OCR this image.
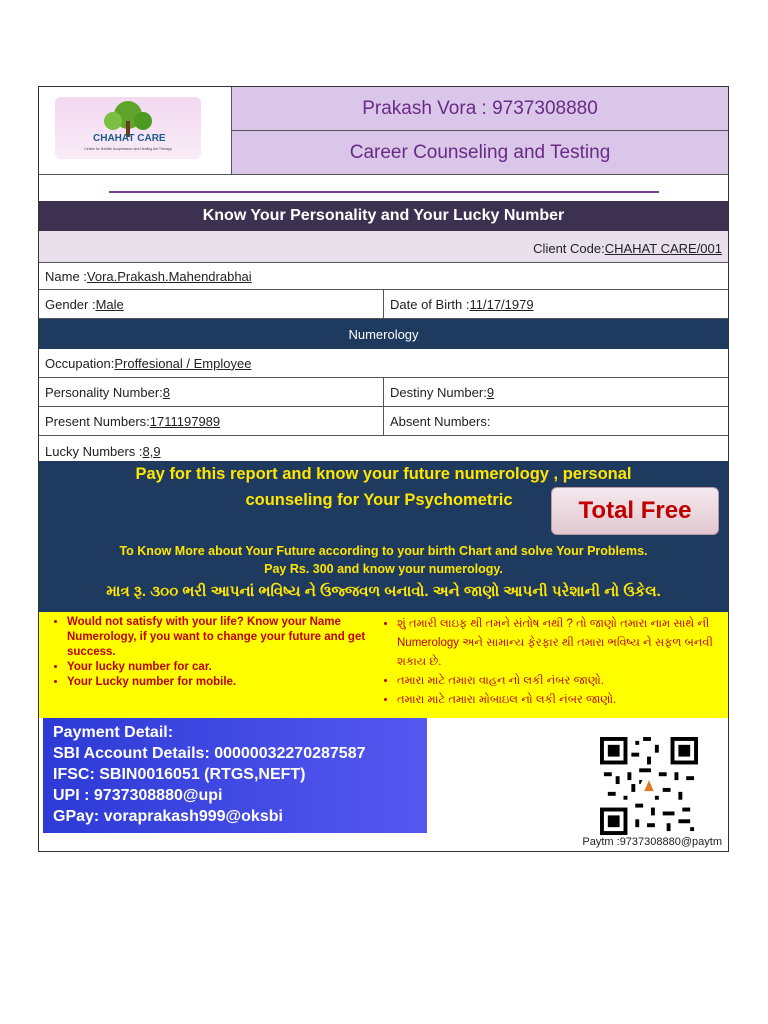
CHAHAT CARE
Centre for Holistic Acupressure and Healing Aid Therapy
Prakash Vora : 9737308880
Career Counseling and Testing
Know Your Personality and Your Lucky Number
Client Code:CHAHAT CARE/001
Name : Vora.Prakash.Mahendrabhai
Gender : Male	Date of Birth : 11/17/1979
Numerology
Occupation: Proffesional / Employee
Personality Number: 8	Destiny Number: 9
Present Numbers: 1711197989	Absent Numbers:
Lucky Numbers : 8,9
Pay for this report and know your future numerology , personal
counseling for Your Psychometric	Total Free
To Know More about Your Future according to your birth Chart and solve Your Problems.
Pay Rs. 300 and know your numerology.
માત્ર રૂ. ૩૦૦ ભરી આપનાં ભવિષ્ય ને ઉજ્જવળ બનાવો. અને જાણો આપની પરેશાની નો ઉકેલ.
• Would not satisfy with your life? Know your Name Numerology, if you want to change your future and get success.
• Your lucky number for car.
• Your Lucky number for mobile.
• શું તમારી લાઇફ થી તમને સંતોષ નથી ? તો જાણો તમારા નામ સાથે ની Numerology અને સામાન્ય ફેરફાર થી તમારા ભવિષ્ય ને સફળ બનવી શકાય છે.
• તમારા માટે તમારા વાહન નો લકી નંબર જાણો.
• તમારા માટે તમારા મોબાઇલ નો લકી નંબર જાણો.
Payment Detail:
SBI Account Details: 00000032270287587
IFSC: SBIN0016051 (RTGS,NEFT)
UPI : 9737308880@upi
GPay: voraprakash999@oksbi
Paytm :9737308880@paytm
